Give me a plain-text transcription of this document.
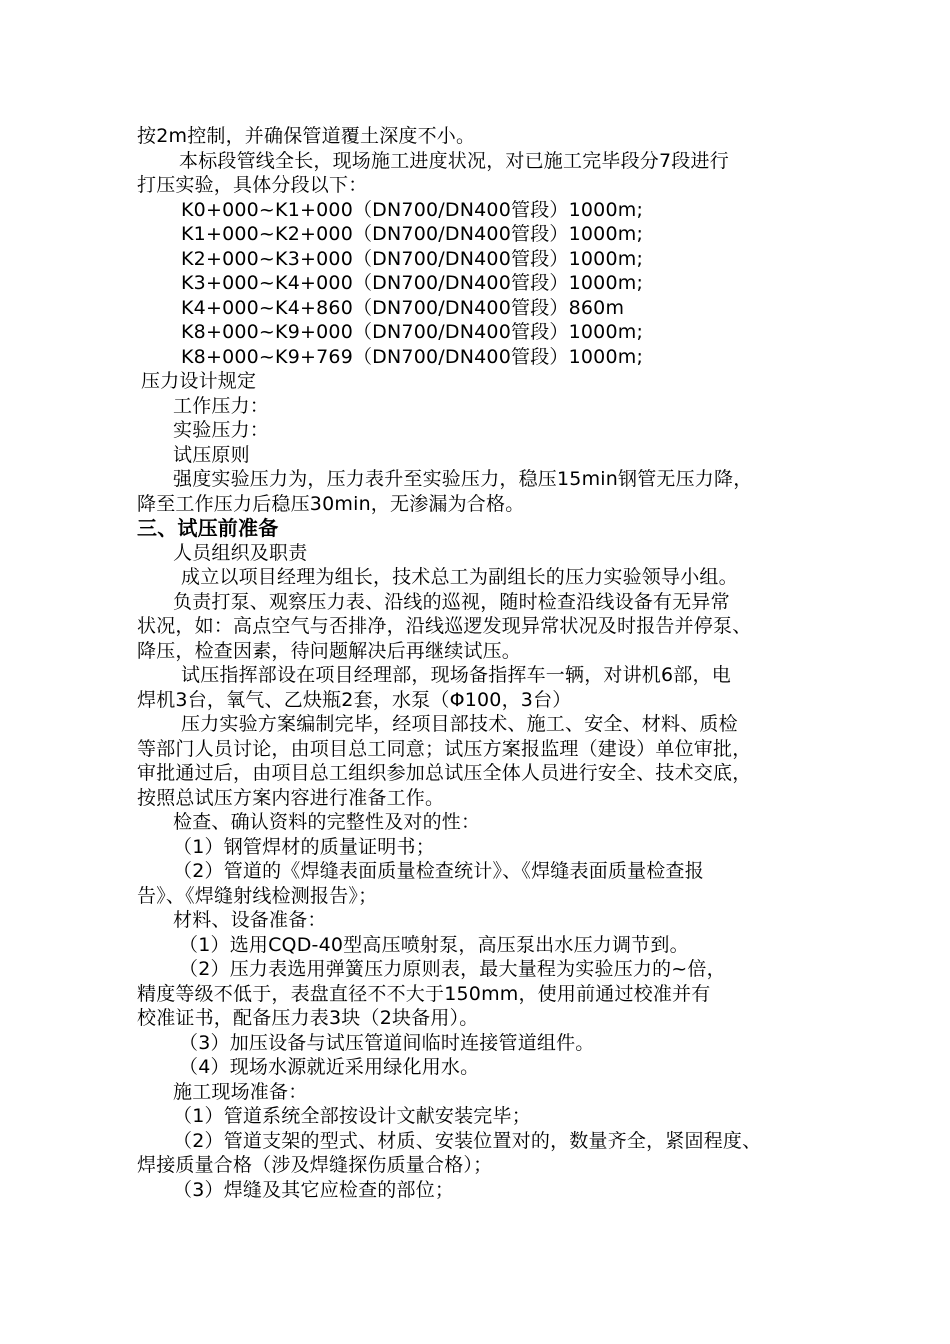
按2m控制，并确保管道覆土深度不小。
本标段管线全长，现场施工进度状况，对已施工完毕段分7段进行
打压实验，具体分段以下：
K0+000~K1+000（DN700/DN400管段）1000m;
K1+000~K2+000（DN700/DN400管段）1000m;
K2+000~K3+000（DN700/DN400管段）1000m;
K3+000~K4+000（DN700/DN400管段）1000m;
K4+000~K4+860（DN700/DN400管段）860m
K8+000~K9+000（DN700/DN400管段）1000m;
K8+000~K9+769（DN700/DN400管段）1000m;
压力设计规定
工作压力：
实验压力：
试压原则
强度实验压力为，压力表升至实验压力，稳压15min钢管无压力降，
降至工作压力后稳压30min，无渗漏为合格。
三、试压前准备
人员组织及职责
成立以项目经理为组长，技术总工为副组长的压力实验领导小组。
负责打泵、观察压力表、沿线的巡视，随时检查沿线设备有无异常
状况，如：高点空气与否排净，沿线巡逻发现异常状况及时报告并停泵、
降压，检查因素，待问题解决后再继续试压。
试压指挥部设在项目经理部，现场备指挥车一辆，对讲机6部，电
焊机3台，氧气、乙炔瓶2套，水泵（Φ100，3台）
压力实验方案编制完毕，经项目部技术、施工、安全、材料、质检
等部门人员讨论，由项目总工同意；试压方案报监理（建设）单位审批，
审批通过后，由项目总工组织参加总试压全体人员进行安全、技术交底，
按照总试压方案内容进行准备工作。
检查、确认资料的完整性及对的性：
（1）钢管焊材的质量证明书；
（2）管道的《焊缝表面质量检查统计》、《焊缝表面质量检查报
告》、《焊缝射线检测报告》；
材料、设备准备：
（1）选用CQD-40型高压喷射泵，高压泵出水压力调节到。
（2）压力表选用弹簧压力原则表，最大量程为实验压力的~倍，
精度等级不低于，表盘直径不不大于150mm，使用前通过校准并有
校准证书，配备压力表3块（2块备用）。
（3）加压设备与试压管道间临时连接管道组件。
（4）现场水源就近采用绿化用水。
施工现场准备：
（1）管道系统全部按设计文献安装完毕；
（2）管道支架的型式、材质、安装位置对的，数量齐全，紧固程度、
焊接质量合格（涉及焊缝探伤质量合格）；
（3）焊缝及其它应检查的部位；
